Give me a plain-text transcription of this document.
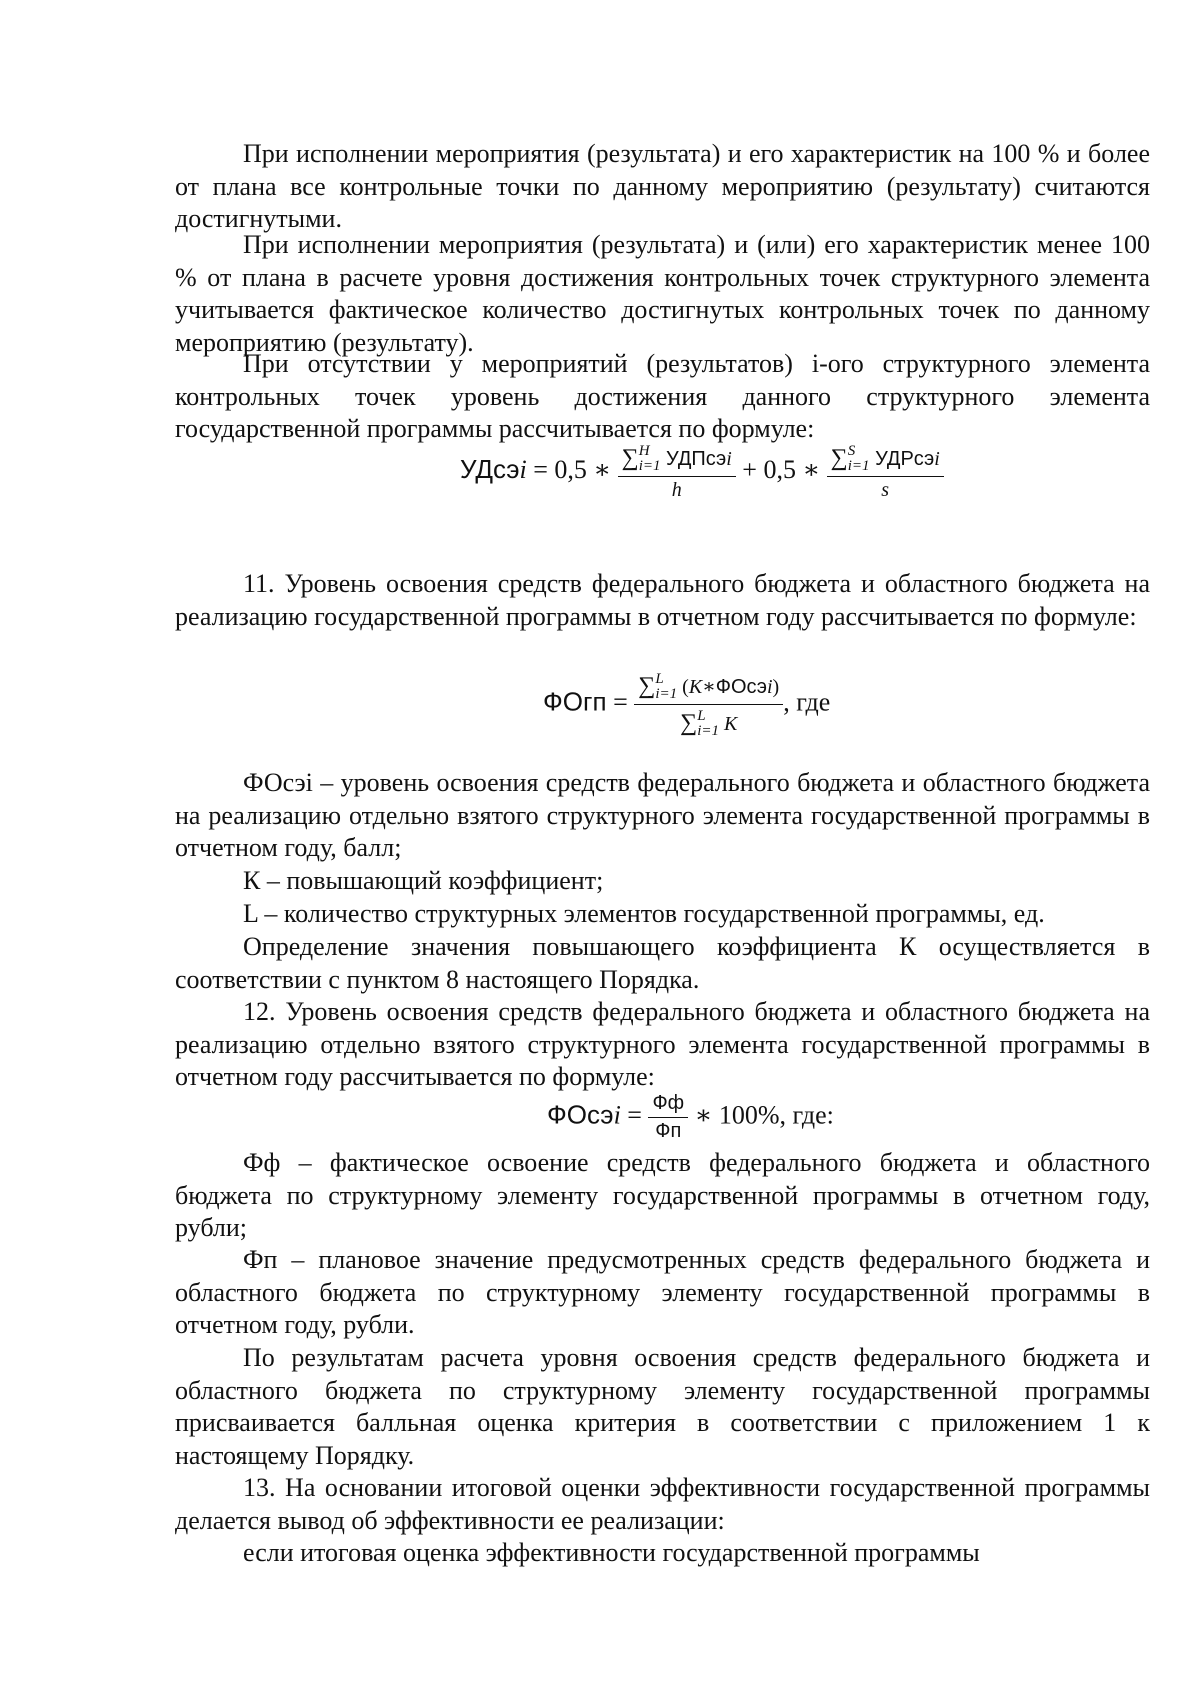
При исполнении мероприятия (результата) и его характеристик на 100 % и более от плана все контрольные точки по данному мероприятию (результату) считаются достигнутыми.

При исполнении мероприятия (результата) и (или) его характеристик менее 100 % от плана в расчете уровня достижения контрольных точек структурного элемента учитывается фактическое количество достигнутых контрольных точек по данному мероприятию (результату).

При отсутствии у мероприятий (результатов) i-ого структурного элемента контрольных точек уровень достижения данного структурного элемента государственной программы рассчитывается по формуле:

УДсэi = 0,5 ∗ ∑ H
i=1 УДПсэi
h + 0,5 ∗ ∑ S
i=1 УДРсэi
s

11. Уровень освоения средств федерального бюджета и областного бюджета на реализацию государственной программы в отчетном году рассчитывается по формуле:

ФОгп = ∑ L
i=1 (K∗ФОсэi)
∑ L
i=1 K , где

ФОсэi – уровень освоения средств федерального бюджета и областного бюджета на реализацию отдельно взятого структурного элемента государственной программы в отчетном году, балл;

К – повышающий коэффициент;

L – количество структурных элементов государственной программы, ед.

Определение значения повышающего коэффициента К осуществляется в соответствии с пунктом 8 настоящего Порядка.

12. Уровень освоения средств федерального бюджета и областного бюджета на реализацию отдельно взятого структурного элемента государственной программы в отчетном году рассчитывается по формуле:

ФОсэi = $\frac{Фф}{Фп}$ ∗ 100%, где:

Фф – фактическое освоение средств федерального бюджета и областного бюджета по структурному элементу государственной программы в отчетном году, рубли;

Фп – плановое значение предусмотренных средств федерального бюджета и областного бюджета по структурному элементу государственной программы в отчетном году, рубли.

По результатам расчета уровня освоения средств федерального бюджета и областного бюджета по структурному элементу государственной программы присваивается балльная оценка критерия в соответствии с приложением 1 к настоящему Порядку.

13. На основании итоговой оценки эффективности государственной программы делается вывод об эффективности ее реализации:

если итоговая оценка эффективности государственной программы
